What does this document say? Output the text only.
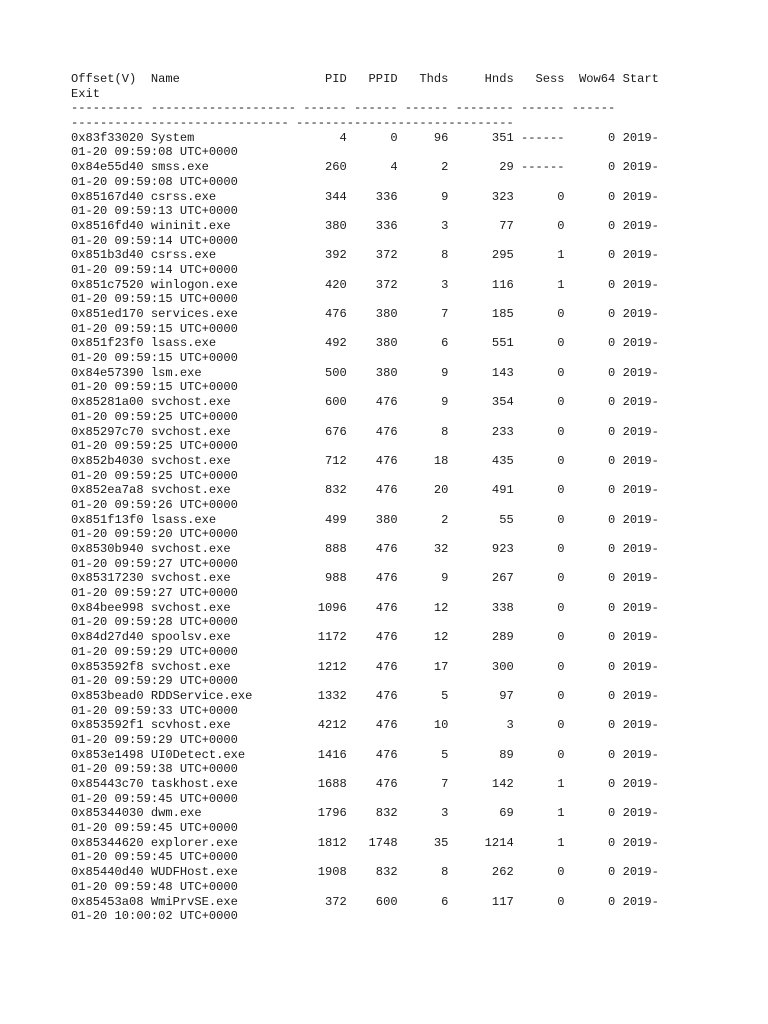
Offset(V)  Name                    PID   PPID   Thds     Hnds   Sess  Wow64 Start
Exit
---------- -------------------- ------ ------ ------ -------- ------ ------
------------------------------ ------------------------------
0x83f33020 System                    4      0     96      351 ------      0 2019-
01-20 09:59:08 UTC+0000
0x84e55d40 smss.exe                260      4      2       29 ------      0 2019-
01-20 09:59:08 UTC+0000
0x85167d40 csrss.exe               344    336      9      323      0      0 2019-
01-20 09:59:13 UTC+0000
0x8516fd40 wininit.exe             380    336      3       77      0      0 2019-
01-20 09:59:14 UTC+0000
0x851b3d40 csrss.exe               392    372      8      295      1      0 2019-
01-20 09:59:14 UTC+0000
0x851c7520 winlogon.exe            420    372      3      116      1      0 2019-
01-20 09:59:15 UTC+0000
0x851ed170 services.exe            476    380      7      185      0      0 2019-
01-20 09:59:15 UTC+0000
0x851f23f0 lsass.exe               492    380      6      551      0      0 2019-
01-20 09:59:15 UTC+0000
0x84e57390 lsm.exe                 500    380      9      143      0      0 2019-
01-20 09:59:15 UTC+0000
0x85281a00 svchost.exe             600    476      9      354      0      0 2019-
01-20 09:59:25 UTC+0000
0x85297c70 svchost.exe             676    476      8      233      0      0 2019-
01-20 09:59:25 UTC+0000
0x852b4030 svchost.exe             712    476     18      435      0      0 2019-
01-20 09:59:25 UTC+0000
0x852ea7a8 svchost.exe             832    476     20      491      0      0 2019-
01-20 09:59:26 UTC+0000
0x851f13f0 lsass.exe               499    380      2       55      0      0 2019-
01-20 09:59:20 UTC+0000
0x8530b940 svchost.exe             888    476     32      923      0      0 2019-
01-20 09:59:27 UTC+0000
0x85317230 svchost.exe             988    476      9      267      0      0 2019-
01-20 09:59:27 UTC+0000
0x84bee998 svchost.exe            1096    476     12      338      0      0 2019-
01-20 09:59:28 UTC+0000
0x84d27d40 spoolsv.exe            1172    476     12      289      0      0 2019-
01-20 09:59:29 UTC+0000
0x853592f8 svchost.exe            1212    476     17      300      0      0 2019-
01-20 09:59:29 UTC+0000
0x853bead0 RDDService.exe         1332    476      5       97      0      0 2019-
01-20 09:59:33 UTC+0000
0x853592f1 scvhost.exe            4212    476     10        3      0      0 2019-
01-20 09:59:29 UTC+0000
0x853e1498 UI0Detect.exe          1416    476      5       89      0      0 2019-
01-20 09:59:38 UTC+0000
0x85443c70 taskhost.exe           1688    476      7      142      1      0 2019-
01-20 09:59:45 UTC+0000
0x85344030 dwm.exe                1796    832      3       69      1      0 2019-
01-20 09:59:45 UTC+0000
0x85344620 explorer.exe           1812   1748     35     1214      1      0 2019-
01-20 09:59:45 UTC+0000
0x85440d40 WUDFHost.exe           1908    832      8      262      0      0 2019-
01-20 09:59:48 UTC+0000
0x85453a08 WmiPrvSE.exe            372    600      6      117      0      0 2019-
01-20 10:00:02 UTC+0000
